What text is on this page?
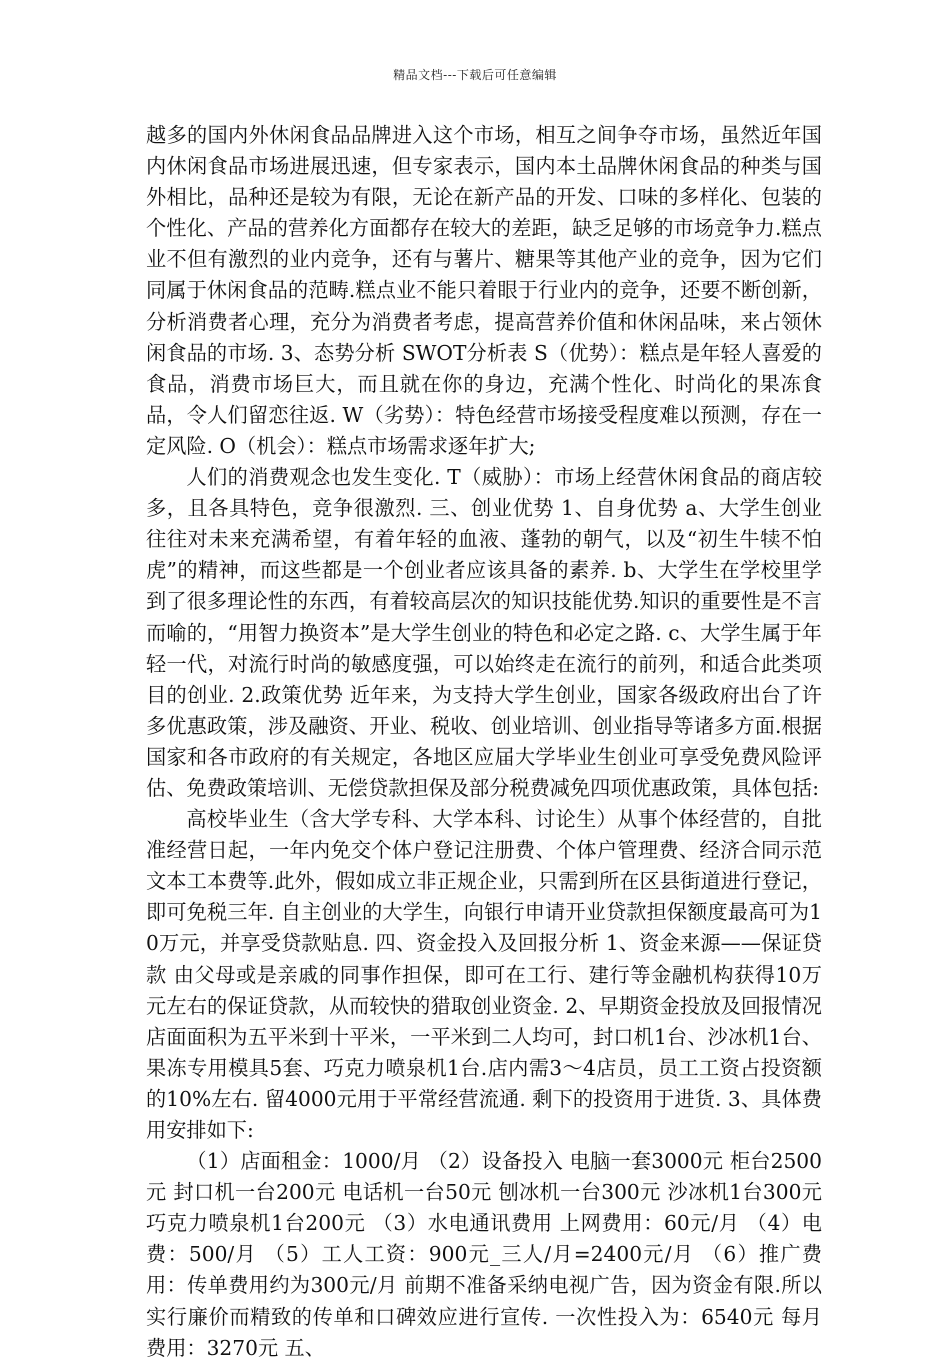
精品文档---下载后可任意编辑

越多的国内外休闲食品品牌进入这个市场，相互之间争夺市场，虽然近年国内休闲食品市场进展迅速，但专家表示，国内本土品牌休闲食品的种类与国外相比，品种还是较为有限，无论在新产品的开发、口味的多样化、包装的个性化、产品的营养化方面都存在较大的差距，缺乏足够的市场竞争力.糕点业不但有激烈的业内竞争，还有与薯片、糖果等其他产业的竞争，因为它们同属于休闲食品的范畴.糕点业不能只着眼于行业内的竞争，还要不断创新，分析消费者心理，充分为消费者考虑，提高营养价值和休闲品味，来占领休闲食品的市场. 3、态势分析 SWOT分析表 S（优势）：糕点是年轻人喜爱的食品，消费市场巨大，而且就在你的身边，充满个性化、时尚化的果冻食品，令人们留恋往返. W（劣势）：特色经营市场接受程度难以预测，存在一定风险. O（机会）：糕点市场需求逐年扩大;

人们的消费观念也发生变化. T（威胁）：市场上经营休闲食品的商店较多，且各具特色，竞争很激烈. 三、创业优势 1、自身优势 a、大学生创业往往对未来充满希望，有着年轻的血液、蓬勃的朝气，以及“初生牛犊不怕虎”的精神，而这些都是一个创业者应该具备的素养. b、大学生在学校里学到了很多理论性的东西，有着较高层次的知识技能优势.知识的重要性是不言而喻的，“用智力换资本”是大学生创业的特色和必定之路. c、大学生属于年轻一代，对流行时尚的敏感度强，可以始终走在流行的前列，和适合此类项目的创业. 2.政策优势 近年来，为支持大学生创业，国家各级政府出台了许多优惠政策，涉及融资、开业、税收、创业培训、创业指导等诸多方面.根据国家和各市政府的有关规定，各地区应届大学毕业生创业可享受免费风险评估、免费政策培训、无偿贷款担保及部分税费减免四项优惠政策，具体包括:

高校毕业生（含大学专科、大学本科、讨论生）从事个体经营的，自批准经营日起，一年内免交个体户登记注册费、个体户管理费、经济合同示范文本工本费等.此外，假如成立非正规企业，只需到所在区县街道进行登记，即可免税三年. 自主创业的大学生，向银行申请开业贷款担保额度最高可为10万元，并享受贷款贴息. 四、资金投入及回报分析 1、资金来源——保证贷款 由父母或是亲戚的同事作担保，即可在工行、建行等金融机构获得10万元左右的保证贷款，从而较快的猎取创业资金. 2、早期资金投放及回报情况 店面面积为五平米到十平米，一平米到二人均可，封口机1台、沙冰机1台、果冻专用模具5套、巧克力喷泉机1台.店内需3～4店员，员工工资占投资额的10%左右. 留4000元用于平常经营流通. 剩下的投资用于进货. 3、具体费用安排如下:

（1）店面租金：1000/月 （2）设备投入 电脑一套3000元 柜台2500元 封口机一台200元 电话机一台50元 刨冰机一台300元 沙冰机1台300元 巧克力喷泉机1台200元 （3）水电通讯费用 上网费用：60元/月 （4）电费：500/月 （5）工人工资：900元_三人/月=2400元/月 （6）推广费用：传单费用约为300元/月 前期不准备采纳电视广告，因为资金有限.所以实行廉价而精致的传单和口碑效应进行宣传. 一次性投入为：6540元 每月费用：3270元 五、
